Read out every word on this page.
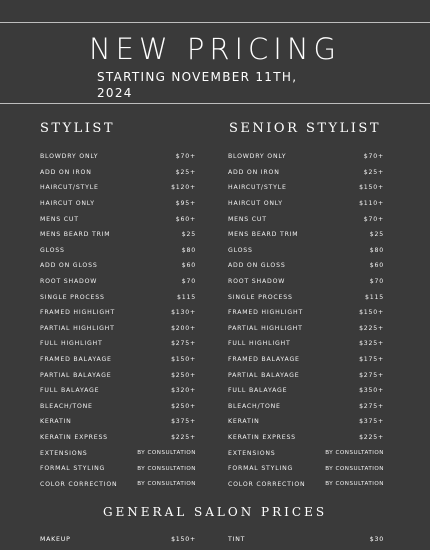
NEW PRICING
STARTING NOVEMBER 11TH, 2024
STYLIST	SENIOR STYLIST
BLOWDRY ONLY	$70+
ADD ON IRON	$25+
HAIRCUT/STYLE	$120+
HAIRCUT ONLY	$95+
MENS CUT	$60+
MENS BEARD TRIM	$25
GLOSS	$80
ADD ON GLOSS	$60
ROOT SHADOW	$70
SINGLE PROCESS	$115
FRAMED HIGHLIGHT	$130+
PARTIAL HIGHLIGHT	$200+
FULL HIGHLIGHT	$275+
FRAMED BALAYAGE	$150+
PARTIAL BALAYAGE	$250+
FULL BALAYAGE	$320+
BLEACH/TONE	$250+
KERATIN	$375+
KERATIN EXPRESS	$225+
EXTENSIONS	BY CONSULTATION
FORMAL STYLING	BY CONSULTATION
COLOR CORRECTION	BY CONSULTATION
BLOWDRY ONLY	$70+
ADD ON IRON	$25+
HAIRCUT/STYLE	$150+
HAIRCUT ONLY	$110+
MENS CUT	$70+
MENS BEARD TRIM	$25
GLOSS	$80
ADD ON GLOSS	$60
ROOT SHADOW	$70
SINGLE PROCESS	$115
FRAMED HIGHLIGHT	$150+
PARTIAL HIGHLIGHT	$225+
FULL HIGHLIGHT	$325+
FRAMED BALAYAGE	$175+
PARTIAL BALAYAGE	$275+
FULL BALAYAGE	$350+
BLEACH/TONE	$275+
KERATIN	$375+
KERATIN EXPRESS	$225+
EXTENSIONS	BY CONSULTATION
FORMAL STYLING	BY CONSULTATION
COLOR CORRECTION	BY CONSULTATION
GENERAL SALON PRICES
MAKEUP	$150+	TINT	$30
